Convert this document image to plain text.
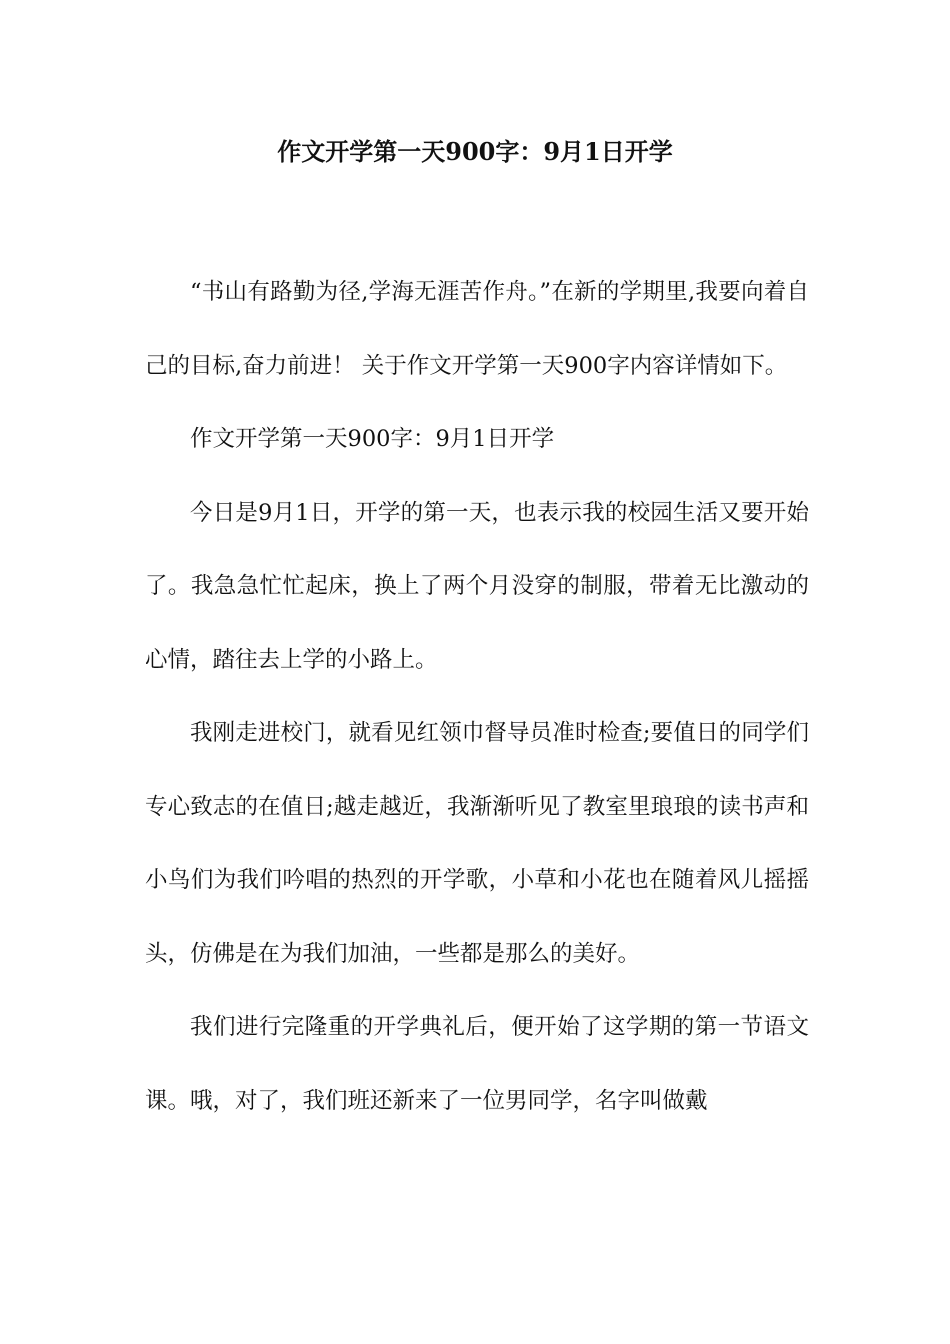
作文开学第一天900字：9月1日开学

“书山有路勤为径,学海无涯苦作舟。”在新的学期里,我要向着自己的目标,奋力前进！ 关于作文开学第一天900字内容详情如下。

作文开学第一天900字：9月1日开学

今日是9月1日，开学的第一天，也表示我的校园生活又要开始了。我急急忙忙起床，换上了两个月没穿的制服，带着无比激动的心情，踏往去上学的小路上。

我刚走进校门，就看见红领巾督导员准时检查;要值日的同学们专心致志的在值日;越走越近，我渐渐听见了教室里琅琅的读书声和小鸟们为我们吟唱的热烈的开学歌，小草和小花也在随着风儿摇摇头，仿佛是在为我们加油，一些都是那么的美好。

我们进行完隆重的开学典礼后，便开始了这学期的第一节语文课。哦，对了，我们班还新来了一位男同学，名字叫做戴
